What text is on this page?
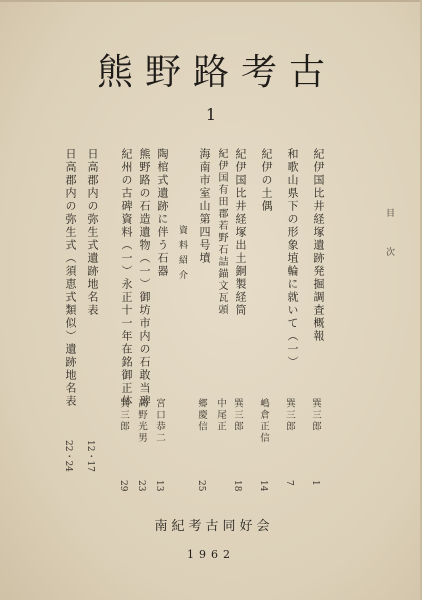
熊野路考古
1
目次
紀伊国比井経塚遺跡発掘調査概報
巽三郎
1
和歌山県下の形象埴輪に就いて（一）
巽三郎
7
紀伊の土偶
嶋倉正信
14
紀伊国比井経塚出土銅製経筒
巽三郎
18
紀伊国有田郡若野石詰錨文瓦頭
中尾正
海南市室山第四号墳
郷慶信
25
資料紹介
陶棺式遺跡に伴う石器
宮口恭二
13
熊野路の石造遺物（一）御坊市内の石敢当碑
高野光男
23
紀州の古碑資料（一）永正十一年在銘御正体
巽三郎
29
日高郡内の弥生式遺跡地名表
12・17
日高郡内の弥生式（須恵式類似）遺跡地名表
22・24
南紀考古同好会
1962
